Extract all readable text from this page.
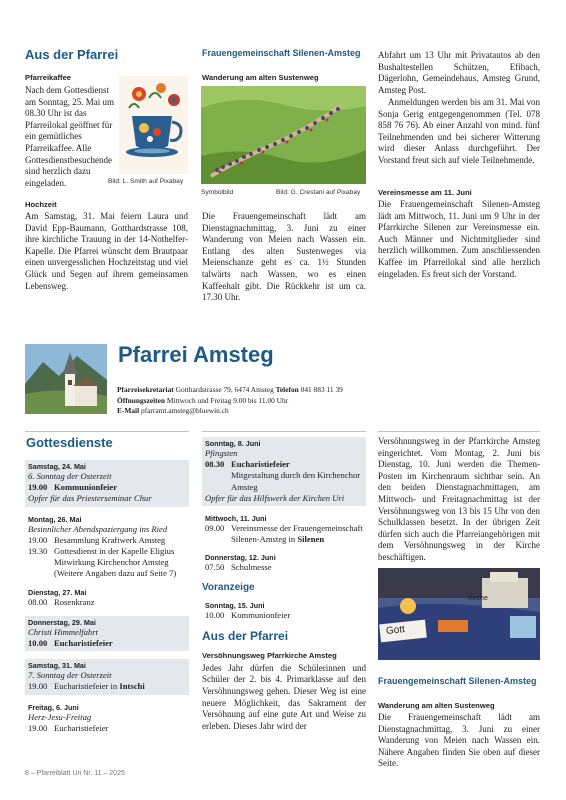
Aus der Pfarrei
Pfarreikaffee
Nach dem Gottesdienst am Sonntag, 25. Mai um 08.30 Uhr ist das Pfarreilokal geöffnet für ein gemütliches Pfarreikaffee. Alle Gottesdienstbesuchende sind herzlich dazu eingeladen.	Bild: L. Smith auf Pixabay
Hochzeit
Am Samstag, 31. Mai feiern Laura und David Epp-Baumann, Gotthardstrasse 108, ihre kirchliche Trauung in der 14-Nothelfer-Kapelle. Die Pfarrei wünscht dem Brautpaar einen unvergesslichen Hochzeitstag und viel Glück und Segen auf ihrem gemeinsamen Lebensweg.
Frauengemeinschaft Silenen-Amsteg
Wanderung am alten Sustenweg
Symbolbild	Bild: G. Crestani auf Pixabay
Die Frauengemeinschaft lädt am Dienstagnachmittag, 3. Juni zu einer Wanderung von Meien nach Wassen ein. Entlang des alten Sustenweges via Meienschanze geht es ca. 1½ Stunden talwärts nach Wassen, wo es einen Kaffeehalt gibt. Die Rückkehr ist um ca. 17.30 Uhr.
Abfahrt um 13 Uhr mit Privatautos ab den Bushaltestellen Schützen, Efibach, Dägerlohn, Gemeindehaus, Amsteg Grund, Amsteg Post.
Anmeldungen werden bis am 31. Mai von Sonja Gerig entgegengenommen (Tel. 078 858 76 76). Ab einer Anzahl von mind. fünf Teilnehmenden und bei sicherer Witterung wird dieser Anlass durchgeführt. Der Vorstand freut sich auf viele Teilnehmende.
Vereinsmesse am 11. Juni
Die Frauengemeinschaft Silenen-Amsteg lädt am Mittwoch, 11. Juni um 9 Uhr in der Pfarrkirche Silenen zur Vereinsmesse ein. Auch Männer und Nichtmitglieder sind herzlich willkommen. Zum anschliessenden Kaffee im Pfarreilokal sind alle herzlich eingeladen. Es freut sich der Vorstand.
Pfarrei Amsteg
Pfarreisekretariat Gotthardstrasse 79, 6474 Amsteg Telefon 041 883 11 39
Öffnungszeiten Mittwoch und Freitag 9.00 bis 11.00 Uhr
E-Mail pfarramt.amsteg@bluewin.ch
Gottesdienste
Samstag, 24. Mai
6. Sonntag der Osterzeit
19.00 Kommunionfeier
Opfer für das Priesterseminar Chur
Montag, 26. Mai
Besinnlicher Abendspaziergang ins Ried
19.00 Besammlung Kraftwerk Amsteg
19.30 Gottesdienst in der Kapelle Eligius Mitwirkung Kirchenchor Amsteg
(Weitere Angaben dazu auf Seite 7)
Dienstag, 27. Mai
08.00 Rosenkranz
Donnerstag, 29. Mai
Christi Himmelfahrt
10.00 Eucharistiefeier
Samstag, 31. Mai
7. Sonntag der Osterzeit
19.00 Eucharistiefeier in Intschi
Freitag, 6. Juni
Herz-Jesu-Freitag
19.00 Eucharistiefeier
Sonntag, 8. Juni
Pfingsten
08.30 Eucharistiefeier
Mitgestaltung durch den Kirchenchor Amsteg
Opfer für das Hilfswerk der Kirchen Uri
Mittwoch, 11. Juni
09.00 Vereinsmesse der Frauengemeinschaft Silenen-Amsteg in Silenen
Donnerstag, 12. Juni
07.50 Schulmesse
Voranzeige
Sonntag, 15. Juni
10.00 Kommunionfeier
Aus der Pfarrei
Versöhnungsweg Pfarrkirche Amsteg
Jedes Jahr dürfen die Schülerinnen und Schüler der 2. bis 4. Primarklasse auf den Versöhnungsweg gehen. Dieser Weg ist eine neuere Möglichkeit, das Sakrament der Versöhnung auf eine gute Art und Weise zu erleben. Dieses Jahr wird der
Versöhnungsweg in der Pfarrkirche Amsteg eingerichtet. Vom Montag, 2. Juni bis Dienstag, 10. Juni werden die Themen-Posten im Kirchenraum sichtbar sein. An den beiden Dienstagnachmittagen, am Mittwoch- und Freitagnachmittag ist der Versöhnungsweg von 13 bis 15 Uhr von den Schulklassen besetzt. In der übrigen Zeit dürfen sich auch die Pfarreiangehörigen mit dem Versöhnungsweg in der Kirche beschäftigen.
Kirche
Gott
Frauengemeinschaft Silenen-Amsteg
Wanderung am alten Sustenweg
Die Frauengemeinschaft lädt am Dienstagnachmittag, 3. Juni zu einer Wanderung von Meien nach Wassen ein. Nähere Angaben finden Sie oben auf dieser Seite.
8 – Pfarreiblatt Uri Nr. 11 – 2025
